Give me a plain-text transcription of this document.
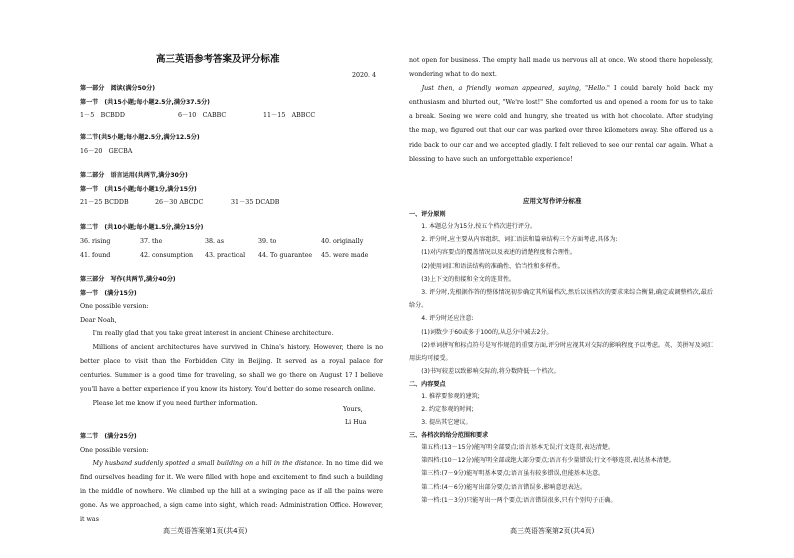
高三英语参考答案及评分标准
2020. 4
第一部分　阅读(满分50分)
第一节　(共15小题;每小题2.5分,满分37.5分)
1－5　BCBDD	6－10　CABBC	11－15　ABBCC
第二节(共5小题;每小题2.5分,满分12.5分)
16－20　GECBA
第二部分　语言运用(共两节,满分30分)
第一节　(共15小题;每小题1分,满分15分)
21－25 BCDDB	26－30 ABCDC	31－35 DCADB
第二节　(共10小题;每小题1.5分,满分15分)
36. rising	37. the	38. as	39. to	40. originally
41. found	42. consumption 43. practical 44. To guarantee 45. were made
第三部分　写作(共两节,满分40分)
第一节　(满分15分)
One possible version:
Dear Noah,

I'm really glad that you take great interest in ancient Chinese architecture.

Millions of ancient architectures have survived in China's history. However, there is no better place to visit than the Forbidden City in Beijing. It served as a royal palace for centuries. Summer is a good time for traveling, so shall we go there on August 1? I believe you'll have a better experience if you know its history. You'd better do some research online.

Please let me know if you need further information.

Yours,
Li Hua
第二节　(满分25分)
One possible version:

My husband suddenly spotted a small building on a hill in the distance. In no time did we find ourselves heading for it. We were filled with hope and excitement to find such a building in the middle of nowhere. We climbed up the hill at a swinging pace as if all the pains were gone. As we approached, a sign came into sight, which read: Administration Office. However, it was

高三英语答案第1页(共4页)

not open for business. The empty hall made us nervous all at once. We stood there hopelessly, wondering what to do next.

Just then, a friendly woman appeared, saying, "Hello." I could barely hold back my enthusiasm and blurted out, "We're lost!" She comforted us and opened a room for us to take a break. Seeing we were cold and hungry, she treated us with hot chocolate. After studying the map, we figured out that our car was parked over three kilometers away. She offered us a ride back to our car and we accepted gladly. I felt relieved to see our rental car again. What a blessing to have such an unforgettable experience!

应用文写作评分标准
一、评分原则

1. 本题总分为15分,按五个档次进行评分。

2. 评分时,应主要从内容组织、词汇语法和篇章结构三个方面考虑,具体为:

(1)对内容要点的覆盖情况以及表述的清楚程度和合理性。

(2)使用词汇和语法结构的准确性、恰当性和多样性。

(3)上下文的衔接和全文的连贯性。

3. 评分时,先根据作答的整体情况初步确定其所属档次,然后以该档次的要求来综合衡量,确定或调整档次,最后给分。

4. 评分时还应注意:

(1)词数少于60或多于100的,从总分中减去2分。

(2)单词拼写和标点符号是写作规范的重要方面,评分时应视其对交际的影响程度予以考虑。英、美拼写及词汇用法均可接受。

(3)书写较差以致影响交际的,将分数降低一个档次。

二、内容要点

1. 推荐要参观的建筑;

2. 约定参观的时间;

3. 提出其它建议。

三、各档次的给分范围和要求

第五档:(13－15分)能写明全部要点;语言基本无误;行文连贯,表达清楚。

第四档:(10－12分)能写明全部或绝大部分要点;语言有少量错误;行文不够连贯,表达基本清楚。

第三档:(7－9分)能写明基本要点;语言虽有较多错误,但能基本达意。

第二档:(4－6分)能写出部分要点;语言错误多,影响意思表达。

第一档:(1－3分)只能写出一两个要点;语言错误很多,只有个别句子正确。

高三英语答案第2页(共4页)
